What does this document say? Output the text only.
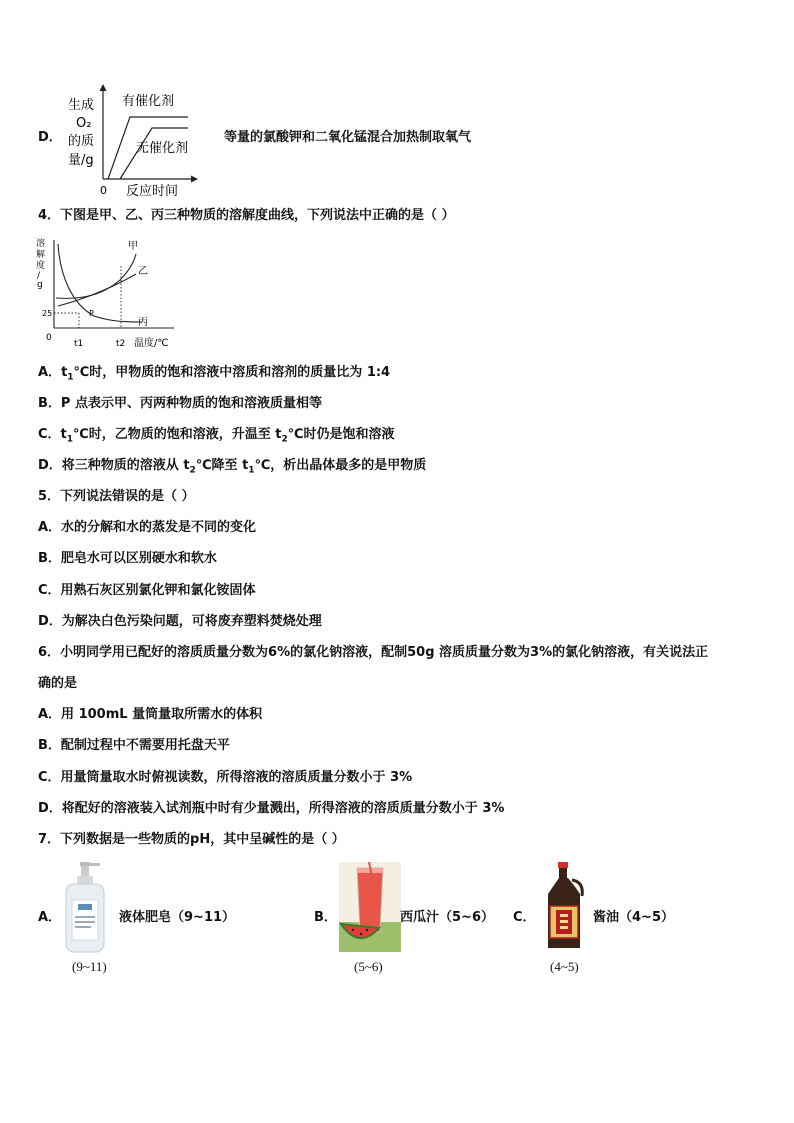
D．
生成
O₂
的质
量/g
有催化剂
无催化剂
0 反应时间
等量的氯酸钾和二氧化锰混合加热制取氧气
4．下图是甲、乙、丙三种物质的溶解度曲线，下列说法中正确的是（ ）
溶
解
度
/
g
甲
乙
丙
P
25
0
t1	t2 温度/℃
A．$t_1℃$时，甲物质的饱和溶液中溶质和溶剂的质量比为 1:4
B．P 点表示甲、丙两种物质的饱和溶液质量相等
C．$t_1℃$时，乙物质的饱和溶液，升温至 $t_2℃$时仍是饱和溶液
D．将三种物质的溶液从 $t_2℃$降至 $t_1℃$，析出晶体最多的是甲物质
5．下列说法错误的是（ ）
A．水的分解和水的蒸发是不同的变化
B．肥皂水可以区别硬水和软水
C．用熟石灰区别氯化钾和氯化铵固体
D．为解决白色污染问题，可将废弃塑料焚烧处理
6．小明同学用已配好的溶质质量分数为6%的氯化钠溶液，配制50g 溶质质量分数为3%的氯化钠溶液，有关说法正
确的是
A．用 100mL 量筒量取所需水的体积
B．配制过程中不需要用托盘天平
C．用量筒量取水时俯视读数，所得溶液的溶质质量分数小于 3%
D．将配好的溶液装入试剂瓶中时有少量溅出，所得溶液的溶质质量分数小于 3%
7．下列数据是一些物质的pH，其中呈碱性的是（ ）
A．	液体肥皂（9~11）
(9~11)
B．	西瓜汁（5~6）
(5~6)
C．	酱油（4~5）
(4~5)
